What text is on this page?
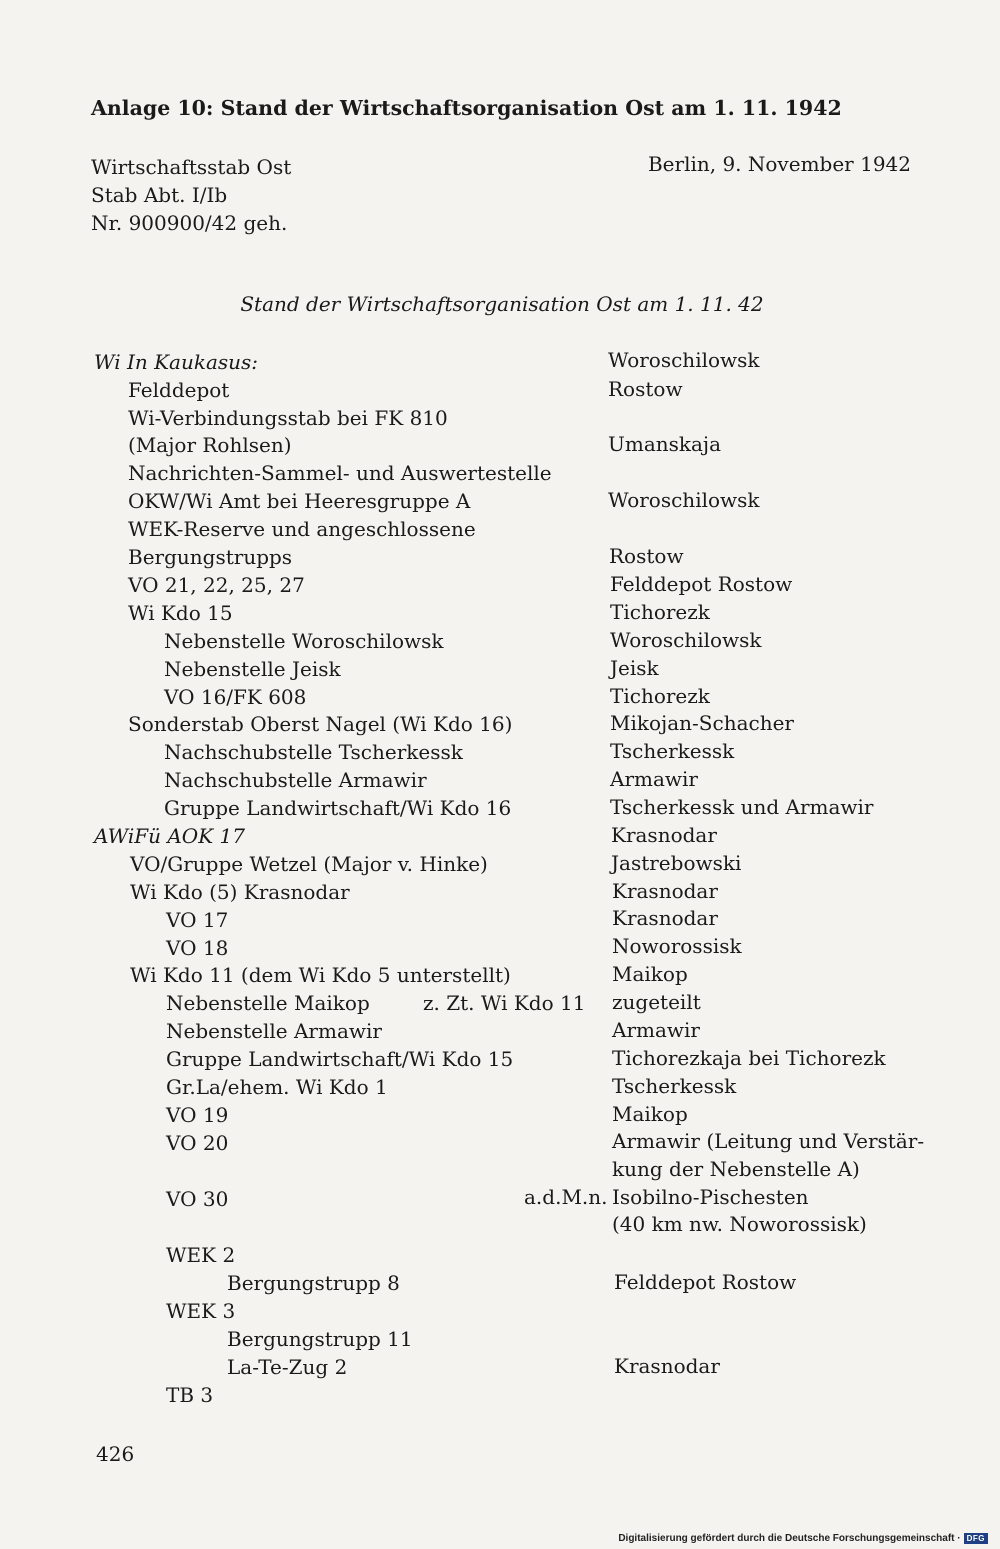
Anlage 10: Stand der Wirtschaftsorganisation Ost am 1. 11. 1942
Wirtschaftsstab Ost
Stab Abt. I/Ib
Nr. 900900/42 geh.
Berlin, 9. November 1942
Stand der Wirtschaftsorganisation Ost am 1. 11. 42
Wi In Kaukasus:
Felddepot
Wi-Verbindungsstab bei FK 810
(Major Rohlsen)
Nachrichten-Sammel- und Auswertestelle
OKW/Wi Amt bei Heeresgruppe A
WEK-Reserve und angeschlossene
Bergungstrupps
VO 21, 22, 25, 27
Wi Kdo 15
Nebenstelle Woroschilowsk
Nebenstelle Jeisk
VO 16/FK 608
Sonderstab Oberst Nagel (Wi Kdo 16)
Nachschubstelle Tscherkessk
Nachschubstelle Armawir
Gruppe Landwirtschaft/Wi Kdo 16
AWiFü AOK 17
VO/Gruppe Wetzel (Major v. Hinke)
Wi Kdo (5) Krasnodar
VO 17
VO 18
Wi Kdo 11 (dem Wi Kdo 5 unterstellt)
Nebenstelle Maikop
Nebenstelle Armawir
Gruppe Landwirtschaft/Wi Kdo 15
Gr.La/ehem. Wi Kdo 1
VO 19
VO 20
VO 30
WEK 2
Bergungstrupp 8
WEK 3
Bergungstrupp 11
La-Te-Zug 2
TB 3
z. Zt. Wi Kdo 11
a.d.M.n.
Woroschilowsk
Rostow
Umanskaja
Woroschilowsk
Rostow
Felddepot Rostow
Tichorezk
Woroschilowsk
Jeisk
Tichorezk
Mikojan-Schacher
Tscherkessk
Armawir
Tscherkessk und Armawir
Krasnodar
Jastrebowski
Krasnodar
Krasnodar
Noworossisk
Maikop
zugeteilt
Armawir
Tichorezkaja bei Tichorezk
Tscherkessk
Maikop
Armawir (Leitung und Verstär-
kung der Nebenstelle A)
Isobilno-Pischesten
(40 km nw. Noworossisk)
Felddepot Rostow
Krasnodar
426
Digitalisierung gefördert durch die Deutsche Forschungsgemeinschaft · DFG
